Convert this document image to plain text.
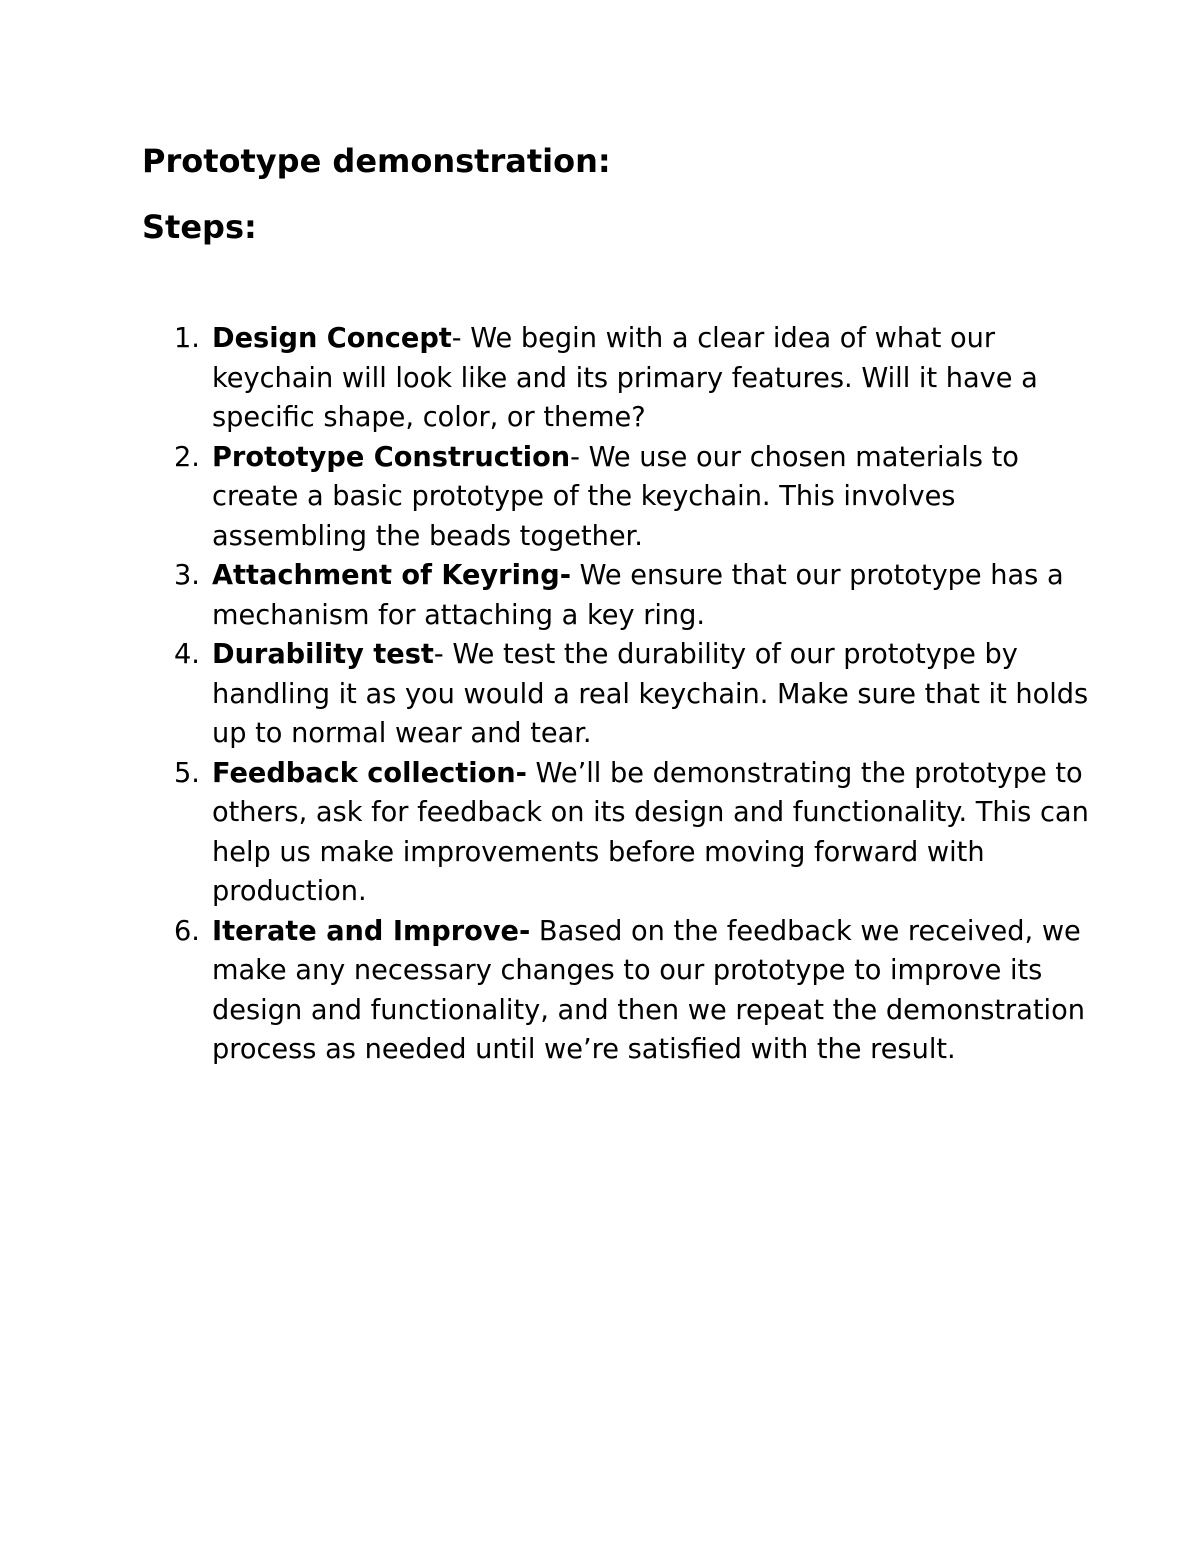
Prototype demonstration:
Steps:
1. Design Concept- We begin with a clear idea of what our keychain will look like and its primary features. Will it have a specific shape, color, or theme?
2. Prototype Construction- We use our chosen materials to create a basic prototype of the keychain. This involves assembling the beads together.
3. Attachment of Keyring- We ensure that our prototype has a mechanism for attaching a key ring.
4. Durability test- We test the durability of our prototype by handling it as you would a real keychain. Make sure that it holds up to normal wear and tear.
5. Feedback collection- We’ll be demonstrating the prototype to others, ask for feedback on its design and functionality. This can help us make improvements before moving forward with production.
6. Iterate and Improve- Based on the feedback we received, we make any necessary changes to our prototype to improve its design and functionality, and then we repeat the demonstration process as needed until we’re satisfied with the result.
